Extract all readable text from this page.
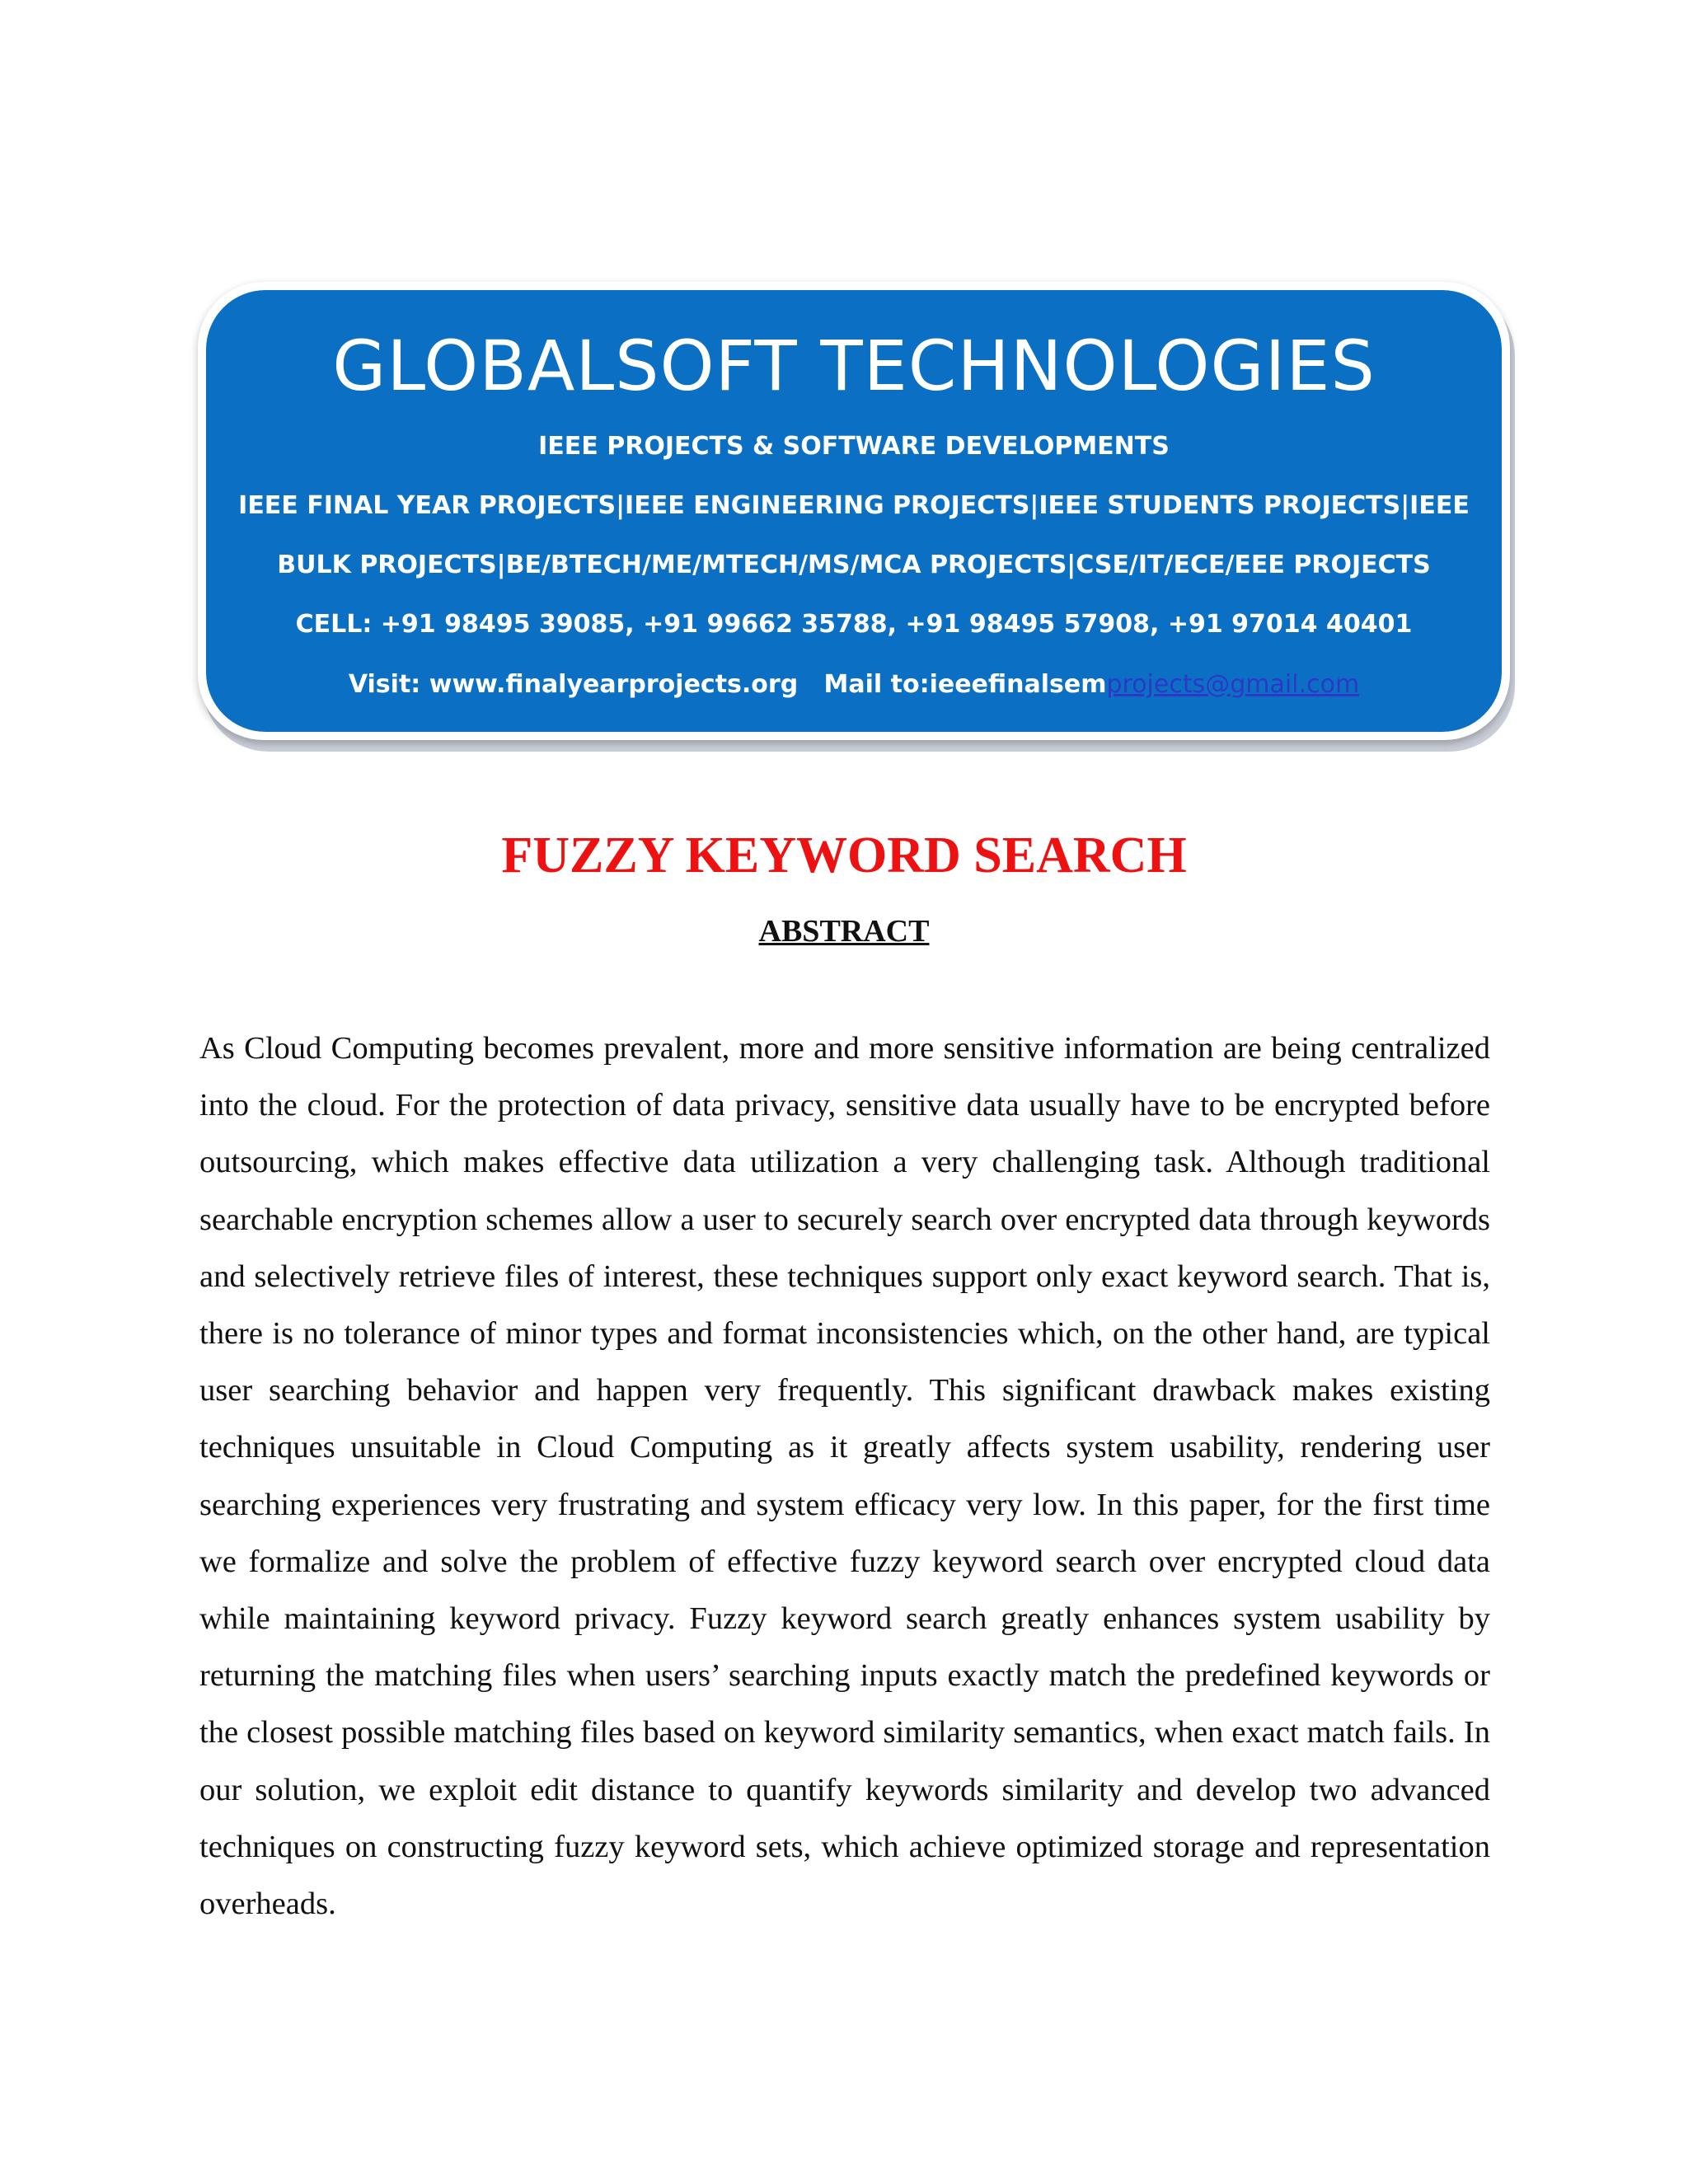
GLOBALSOFT TECHNOLOGIES
IEEE PROJECTS & SOFTWARE DEVELOPMENTS
IEEE FINAL YEAR PROJECTS|IEEE ENGINEERING PROJECTS|IEEE STUDENTS PROJECTS|IEEE
BULK PROJECTS|BE/BTECH/ME/MTECH/MS/MCA PROJECTS|CSE/IT/ECE/EEE PROJECTS
CELL: +91 98495 39085, +91 99662 35788, +91 98495 57908, +91 97014 40401
Visit: www.finalyearprojects.org   Mail to:ieeefinalsemprojects@gmail.com
FUZZY KEYWORD SEARCH
ABSTRACT

As Cloud Computing becomes prevalent, more and more sensitive information are being centralized into the cloud. For the protection of data privacy, sensitive data usually have to be encrypted before outsourcing, which makes effective data utilization a very challenging task. Although traditional searchable encryption schemes allow a user to securely search over encrypted data through keywords and selectively retrieve files of interest, these techniques support only exact keyword search. That is, there is no tolerance of minor types and format inconsistencies which, on the other hand, are typical user searching behavior and happen very frequently. This significant drawback makes existing techniques unsuitable in Cloud Computing as it greatly affects system usability, rendering user searching experiences very frustrating and system efficacy very low. In this paper, for the first time we formalize and solve the problem of effective fuzzy keyword search over encrypted cloud data while maintaining keyword privacy. Fuzzy keyword search greatly enhances system usability by returning the matching files when users’ searching inputs exactly match the predefined keywords or the closest possible matching files based on keyword similarity semantics, when exact match fails. In our solution, we exploit edit distance to quantify keywords similarity and develop two advanced techniques on constructing fuzzy keyword sets, which achieve optimized storage and representation overheads.
